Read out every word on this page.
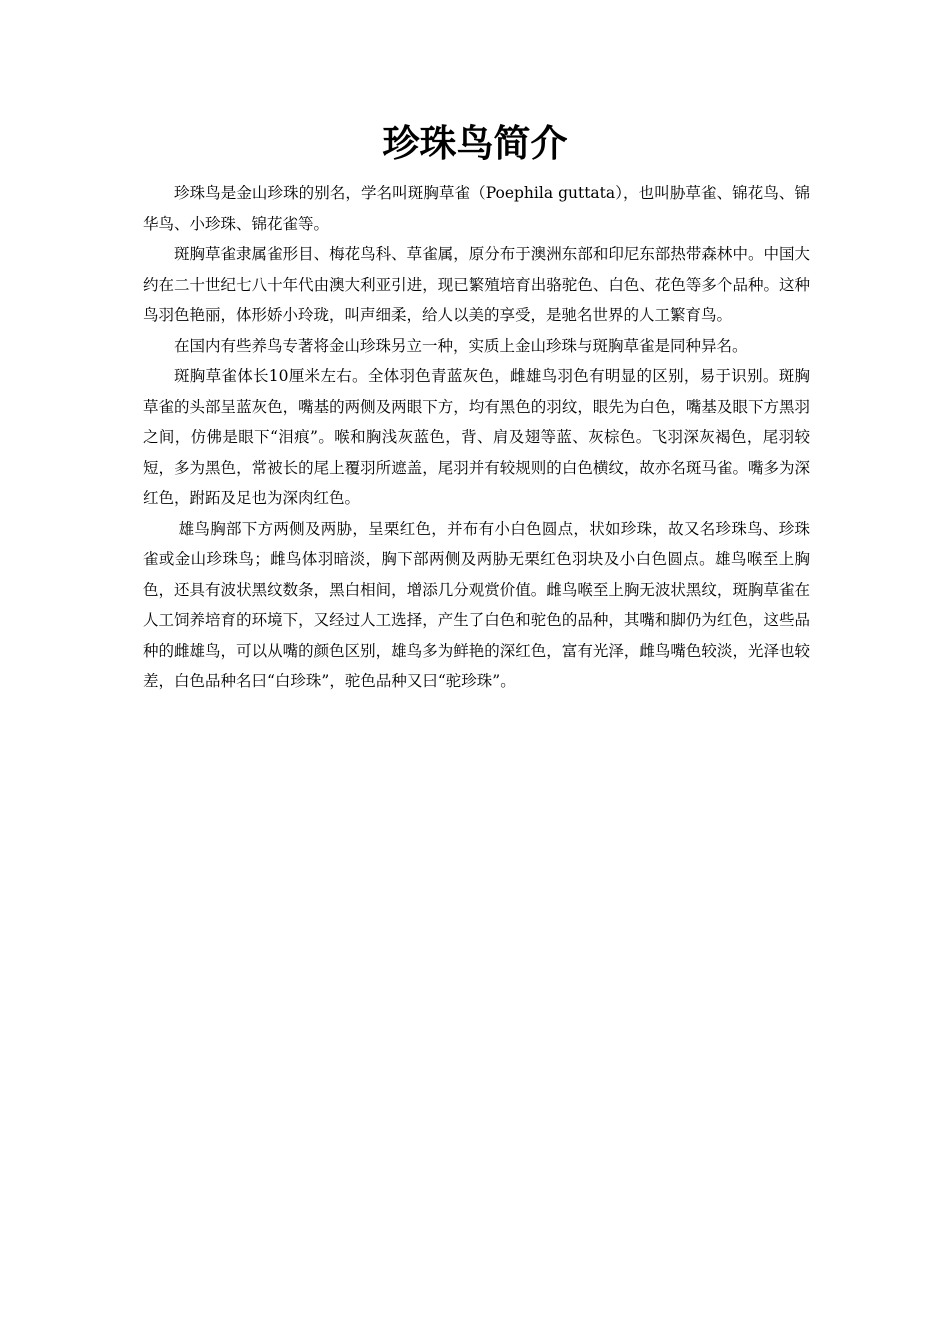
珍珠鸟简介

珍珠鸟是金山珍珠的别名，学名叫斑胸草雀（Poephila guttata），也叫胁草雀、锦花鸟、锦华鸟、小珍珠、锦花雀等。

斑胸草雀隶属雀形目、梅花鸟科、草雀属，原分布于澳洲东部和印尼东部热带森林中。中国大约在二十世纪七八十年代由澳大利亚引进，现已繁殖培育出骆驼色、白色、花色等多个品种。这种鸟羽色艳丽，体形娇小玲珑，叫声细柔，给人以美的享受，是驰名世界的人工繁育鸟。

在国内有些养鸟专著将金山珍珠另立一种，实质上金山珍珠与斑胸草雀是同种异名。

斑胸草雀体长10厘米左右。全体羽色青蓝灰色，雌雄鸟羽色有明显的区别，易于识别。斑胸草雀的头部呈蓝灰色，嘴基的两侧及两眼下方，均有黑色的羽纹，眼先为白色，嘴基及眼下方黑羽之间，仿佛是眼下“泪痕”。喉和胸浅灰蓝色，背、肩及翅等蓝、灰棕色。飞羽深灰褐色，尾羽较短，多为黑色，常被长的尾上覆羽所遮盖，尾羽并有较规则的白色横纹，故亦名斑马雀。嘴多为深红色，跗跖及足也为深肉红色。

雄鸟胸部下方两侧及两胁，呈栗红色，并布有小白色圆点，状如珍珠，故又名珍珠鸟、珍珠雀或金山珍珠鸟；雌鸟体羽暗淡，胸下部两侧及两胁无栗红色羽块及小白色圆点。雄鸟喉至上胸色，还具有波状黑纹数条，黑白相间，增添几分观赏价值。雌鸟喉至上胸无波状黑纹，斑胸草雀在人工饲养培育的环境下，又经过人工选择，产生了白色和驼色的品种，其嘴和脚仍为红色，这些品种的雌雄鸟，可以从嘴的颜色区别，雄鸟多为鲜艳的深红色，富有光泽，雌鸟嘴色较淡，光泽也较差，白色品种名曰“白珍珠”，驼色品种又曰“驼珍珠”。
